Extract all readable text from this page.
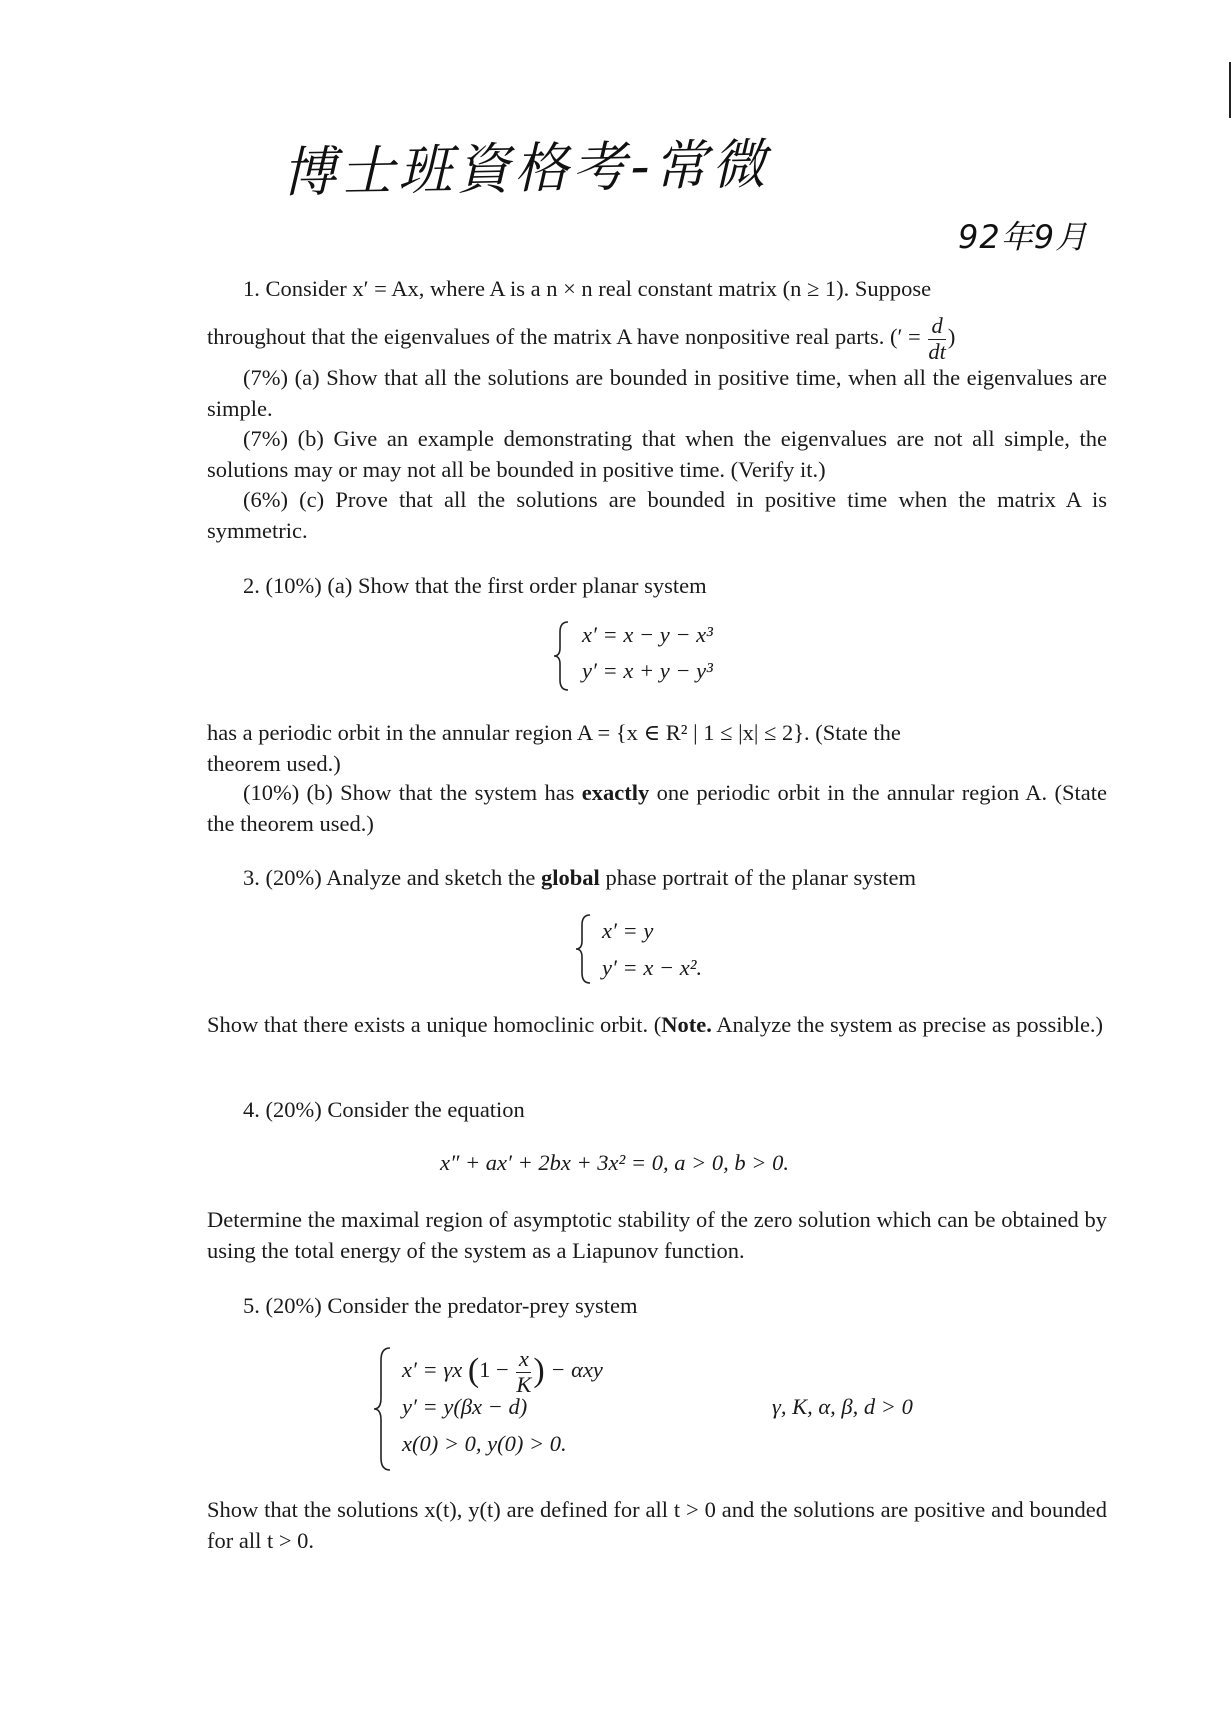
博士班資格考-常微
92年9月
1. Consider x′ = Ax, where A is a n × n real constant matrix (n ≥ 1). Suppose
throughout that the eigenvalues of the matrix A have nonpositive real parts. (′ = $\frac{d}{dt}$ )
(7%) (a) Show that all the solutions are bounded in positive time, when all the eigenvalues are simple.
(7%) (b) Give an example demonstrating that when the eigenvalues are not all simple, the solutions may or may not all be bounded in positive time. (Verify it.)
(6%) (c) Prove that all the solutions are bounded in positive time when the matrix A is symmetric.
2. (10%) (a) Show that the first order planar system
x′ = x − y − x³
y′ = x + y − y³
has a periodic orbit in the annular region A = {x ∈ R² | 1 ≤ |x| ≤ 2}. (State the
theorem used.)
(10%) (b) Show that the system has exactly one periodic orbit in the annular region A. (State the theorem used.)
3. (20%) Analyze and sketch the global phase portrait of the planar system
x′ = y
y′ = x − x².
Show that there exists a unique homoclinic orbit. (Note. Analyze the system as precise as possible.)
4. (20%) Consider the equation
x″ + ax′ + 2bx + 3x² = 0, a > 0, b > 0.
Determine the maximal region of asymptotic stability of the zero solution which can be obtained by using the total energy of the system as a Liapunov function.
5. (20%) Consider the predator-prey system
x′ = γx ($1 - \frac{x}{K}$ ) − αxy
y′ = y(βx − d)
x(0) > 0, y(0) > 0.
γ, K, α, β, d > 0
Show that the solutions x(t), y(t) are defined for all t > 0 and the solutions are positive and bounded for all t > 0.
